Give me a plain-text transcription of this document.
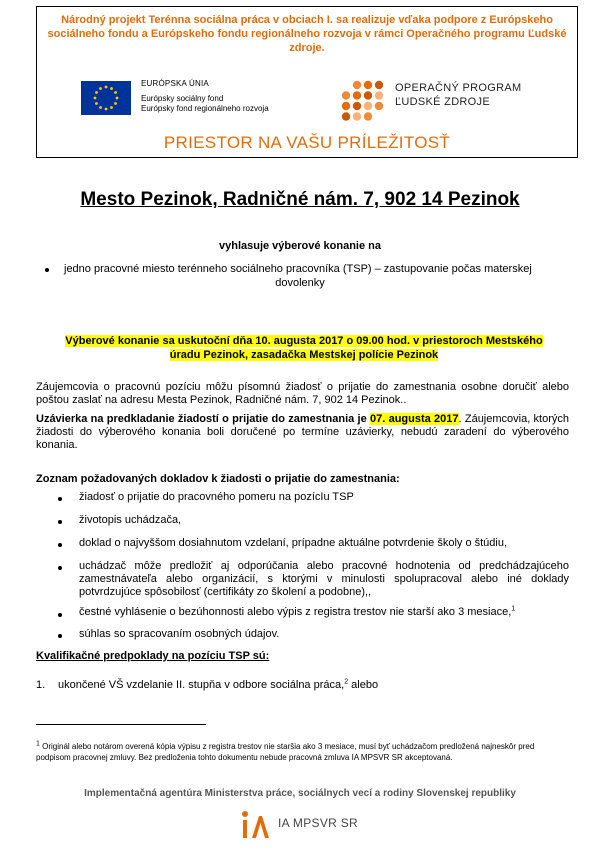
Národný projekt Terénna sociálna práca v obciach I. sa realizuje vďaka podpore z Európskeho sociálneho fondu a Európskeho fondu regionálneho rozvoja v rámci Operačného programu Ľudské zdroje.
EURÓPSKA ÚNIA
Európsky sociálny fond
Európsky fond regionálneho rozvoja
OPERAČNÝ PROGRAM
ĽUDSKÉ ZDROJE
PRIESTOR NA VAŠU PRÍLEŽITOSŤ
Mesto Pezinok, Radničné nám. 7, 902 14 Pezinok
vyhlasuje výberové konanie na
jedno pracovné miesto terénneho sociálneho pracovníka (TSP) – zastupovanie počas materskej
dovolenky
Výberové konanie sa uskutoční dňa 10. augusta 2017 o 09.00 hod. v priestoroch Mestského
úradu Pezinok, zasadačka Mestskej polície Pezinok
Záujemcovia o pracovnú pozíciu môžu písomnú žiadosť o prijatie do zamestnania osobne doručiť alebo poštou zaslať na adresu Mesta Pezinok, Radničné nám. 7, 902 14 Pezinok..
Uzávierka na predkladanie žiadostí o prijatie do zamestnania je 07. augusta 2017. Záujemcovia, ktorých žiadosti do výberového konania boli doručené po termíne uzávierky, nebudú zaradení do výberového konania.
Zoznam požadovaných dokladov k žiadosti o prijatie do zamestnania:
žiadosť o prijatie do pracovného pomeru na pozícIu TSP
životopis uchádzača,
doklad o najvyššom dosiahnutom vzdelaní, prípadne aktuálne potvrdenie školy o štúdiu,
uchádzač môže predložiť aj odporúčania alebo pracovné hodnotenia od predchádzajúceho zamestnávateľa alebo organizácií, s ktorými v minulosti spolupracoval alebo iné doklady potvrdzujúce spôsobilosť (certifikáty zo školení a podobne),,
čestné vyhlásenie o bezúhonnosti alebo výpis z registra trestov nie starší ako 3 mesiace,$^1$
súhlas so spracovaním osobných údajov.
Kvalifikačné predpoklady na pozíciu TSP sú:
1. ukončené VŠ vzdelanie II. stupňa v odbore sociálna práca,$^2$ alebo
$^1$ Originál alebo notárom overená kópia výpisu z registra trestov nie staršia ako 3 mesiace, musí byť uchádzačom predložená najneskôr pred podpisom pracovnej zmluvy. Bez predloženia tohto dokumentu nebude pracovná zmluva IA MPSVR SR akceptovaná.
Implementačná agentúra Ministerstva práce, sociálnych vecí a rodiny Slovenskej republiky
IA MPSVR SR
